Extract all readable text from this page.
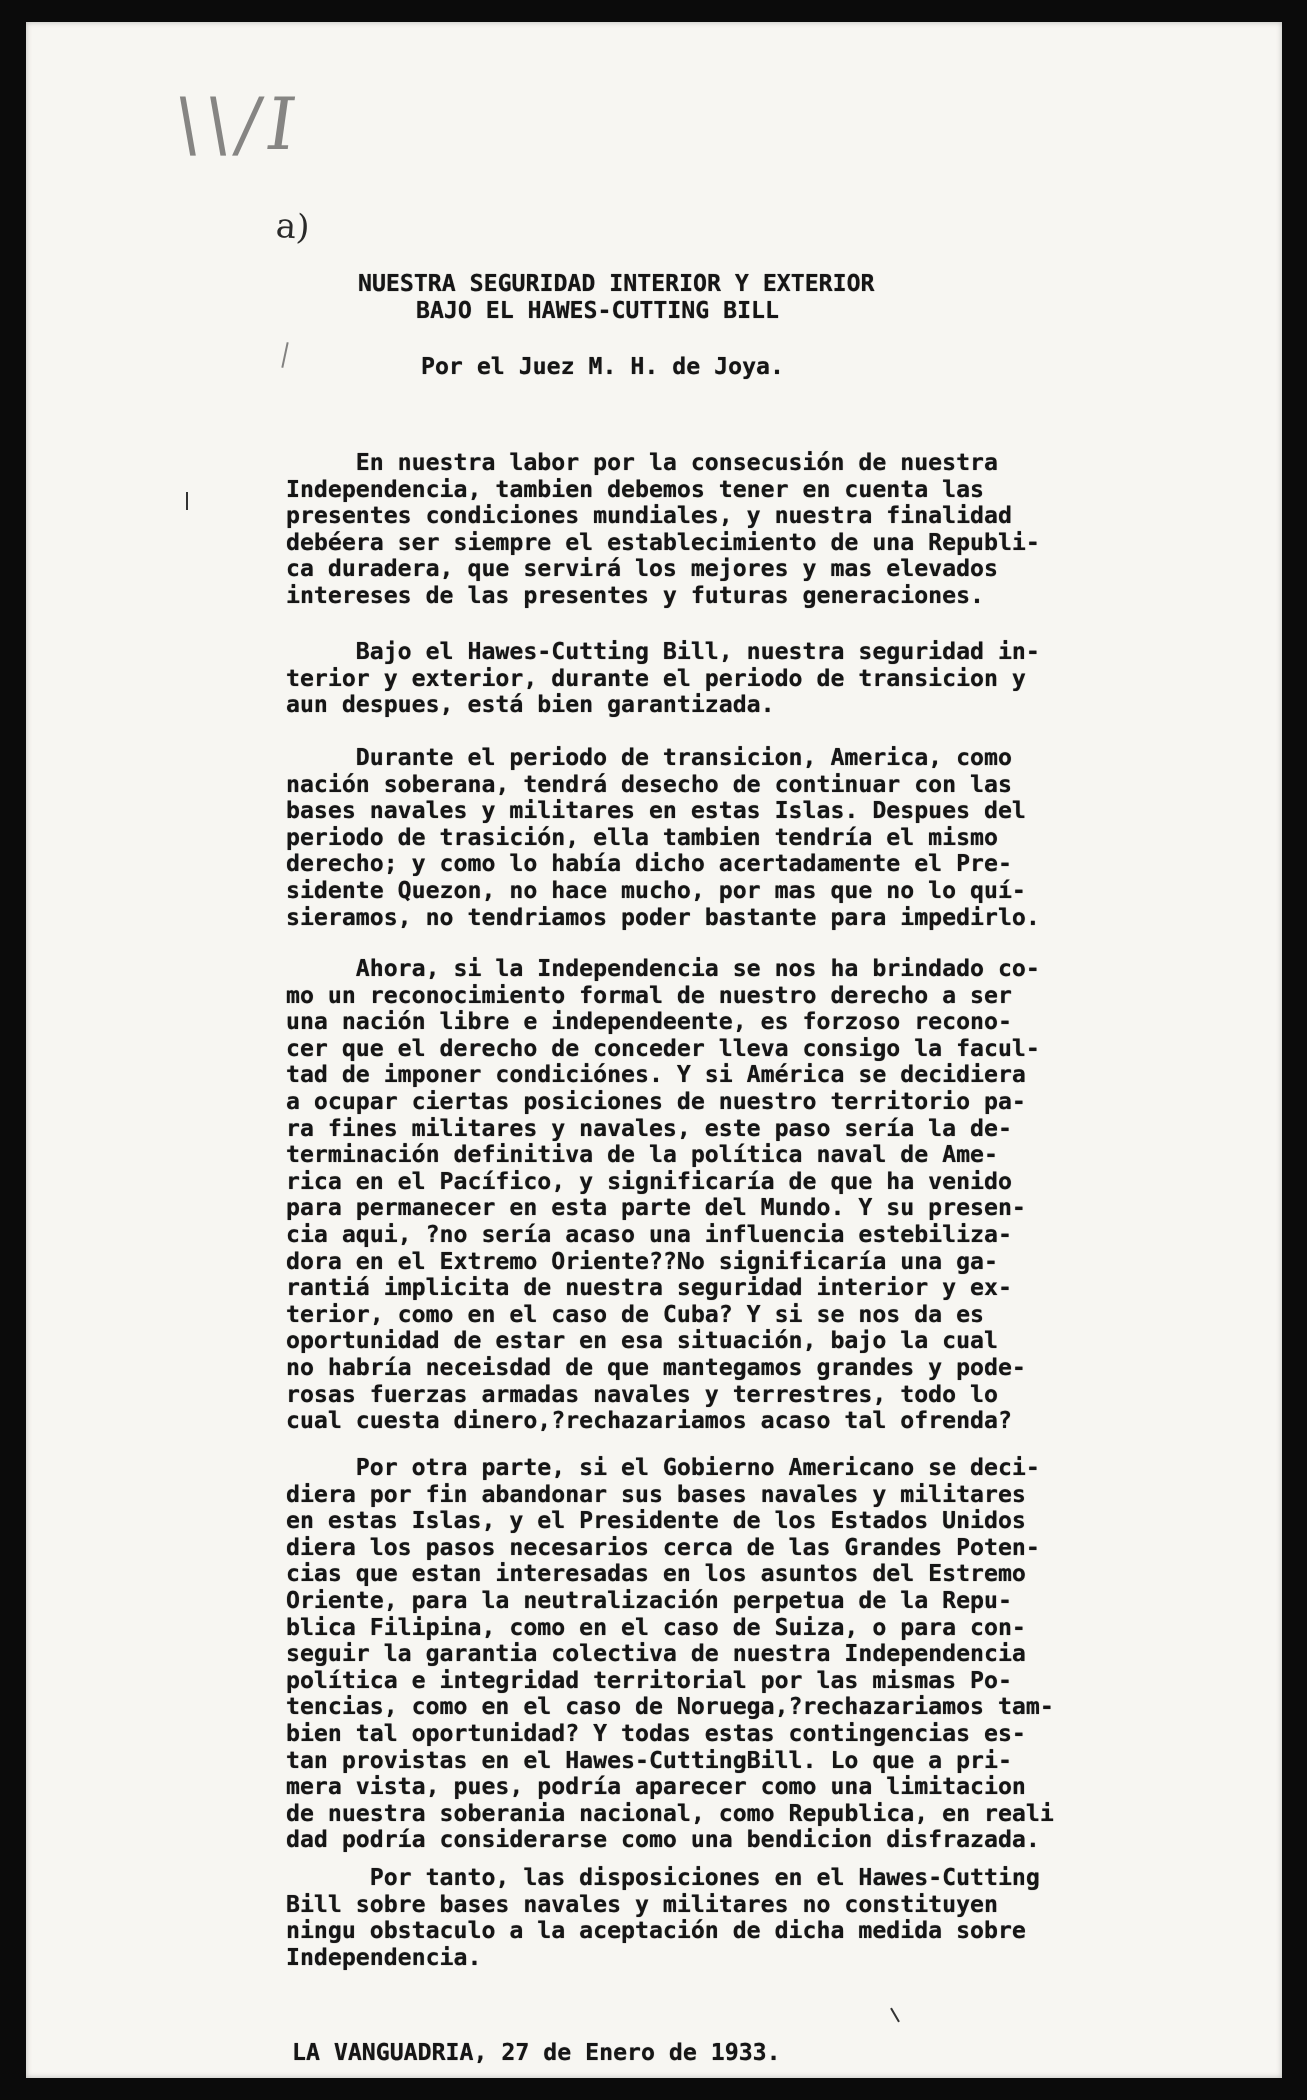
\\/I
a)
NUESTRA SEGURIDAD INTERIOR Y EXTERIOR
BAJO EL HAWES-CUTTING BILL
Por el Juez M. H. de Joya.
En nuestra labor por la consecusión de nuestra
Independencia, tambien debemos tener en cuenta las
presentes condiciones mundiales, y nuestra finalidad
debéera ser siempre el establecimiento de una Republi-
ca duradera, que servirá los mejores y mas elevados
intereses de las presentes y futuras generaciones.
Bajo el Hawes-Cutting Bill, nuestra seguridad in-
terior y exterior, durante el periodo de transicion y
aun despues, está bien garantizada.
Durante el periodo de transicion, America, como
nación soberana, tendrá desecho de continuar con las
bases navales y militares en estas Islas. Despues del
periodo de trasición, ella tambien tendría el mismo
derecho; y como lo había dicho acertadamente el Pre-
sidente Quezon, no hace mucho, por mas que no lo quí-
sieramos, no tendriamos poder bastante para impedirlo.
Ahora, si la Independencia se nos ha brindado co-
mo un reconocimiento formal de nuestro derecho a ser
una nación libre e independeente, es forzoso recono-
cer que el derecho de conceder lleva consigo la facul-
tad de imponer condiciónes. Y si América se decidiera
a ocupar ciertas posiciones de nuestro territorio pa-
ra fines militares y navales, este paso sería la de-
terminación definitiva de la política naval de Ame-
rica en el Pacífico, y significaría de que ha venido
para permanecer en esta parte del Mundo. Y su presen-
cia aqui, ?no sería acaso una influencia estebiliza-
dora en el Extremo Oriente??No significaría una ga-
rantiá implicita de nuestra seguridad interior y ex-
terior, como en el caso de Cuba? Y si se nos da es
oportunidad de estar en esa situación, bajo la cual
no habría neceisdad de que mantegamos grandes y pode-
rosas fuerzas armadas navales y terrestres, todo lo
cual cuesta dinero,?rechazariamos acaso tal ofrenda?
Por otra parte, si el Gobierno Americano se deci-
diera por fin abandonar sus bases navales y militares
en estas Islas, y el Presidente de los Estados Unidos
diera los pasos necesarios cerca de las Grandes Poten-
cias que estan interesadas en los asuntos del Estremo
Oriente, para la neutralización perpetua de la Repu-
blica Filipina, como en el caso de Suiza, o para con-
seguir la garantia colectiva de nuestra Independencia
política e integridad territorial por las mismas Po-
tencias, como en el caso de Noruega,?rechazariamos tam-
bien tal oportunidad? Y todas estas contingencias es-
tan provistas en el Hawes-CuttingBill. Lo que a pri-
mera vista, pues, podría aparecer como una limitacion
de nuestra soberania nacional, como Republica, en reali
dad podría considerarse como una bendicion disfrazada.
Por tanto, las disposiciones en el Hawes-Cutting
Bill sobre bases navales y militares no constituyen
ningu obstaculo a la aceptación de dicha medida sobre
Independencia.
LA VANGUADRIA, 27 de Enero de 1933.
